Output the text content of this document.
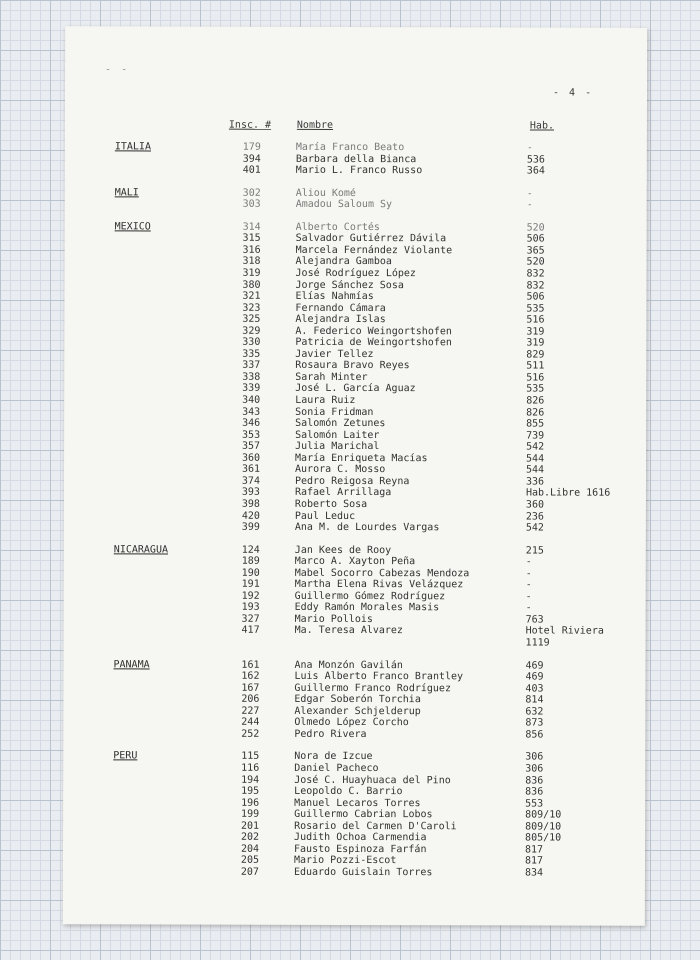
- -
- 4 -
Insc. #	Nombre	Hab.
ITALIA	179	María Franco Beato	-
394	Barbara della Bianca	536
401	Mario L. Franco Russo	364
MALI	302	Aliou Komé	-
303	Amadou Saloum Sy	-
MEXICO	314	Alberto Cortés	520
315	Salvador Gutiérrez Dávila	506
316	Marcela Fernández Violante	365
318	Alejandra Gamboa	520
319	José Rodríguez López	832
380	Jorge Sánchez Sosa	832
321	Elías Nahmías	506
323	Fernando Cámara	535
325	Alejandra Islas	516
329	A. Federico Weingortshofen	319
330	Patricia de Weingortshofen	319
335	Javier Tellez	829
337	Rosaura Bravo Reyes	511
338	Sarah Minter	516
339	José L. García Aguaz	535
340	Laura Ruiz	826
343	Sonia Fridman	826
346	Salomón Zetunes	855
353	Salomón Laiter	739
357	Julia Marichal	542
360	María Enriqueta Macías	544
361	Aurora C. Mosso	544
374	Pedro Reigosa Reyna	336
393	Rafael Arrillaga	Hab.Libre 1616
398	Roberto Sosa	360
420	Paul Leduc	236
399	Ana M. de Lourdes Vargas	542
NICARAGUA	124	Jan Kees de Rooy	215
189	Marco A. Xayton Peña	-
190	Mabel Socorro Cabezas Mendoza	-
191	Martha Elena Rivas Velázquez	-
192	Guillermo Gómez Rodríguez	-
193	Eddy Ramón Morales Masis	-
327	Mario Pollois	763
417	Ma. Teresa Alvarez	Hotel Riviera
1119
PANAMA	161	Ana Monzón Gavilán	469
162	Luis Alberto Franco Brantley	469
167	Guillermo Franco Rodríguez	403
206	Edgar Soberón Torchia	814
227	Alexander Schjelderup	632
244	Olmedo López Corcho	873
252	Pedro Rivera	856
PERU	115	Nora de Izcue	306
116	Daniel Pacheco	306
194	José C. Huayhuaca del Pino	836
195	Leopoldo C. Barrio	836
196	Manuel Lecaros Torres	553
199	Guillermo Cabrian Lobos	809/10
201	Rosario del Carmen D'Caroli	809/10
202	Judith Ochoa Carmendia	805/10
204	Fausto Espinoza Farfán	817
205	Mario Pozzi-Escot	817
207	Eduardo Guislain Torres	834
